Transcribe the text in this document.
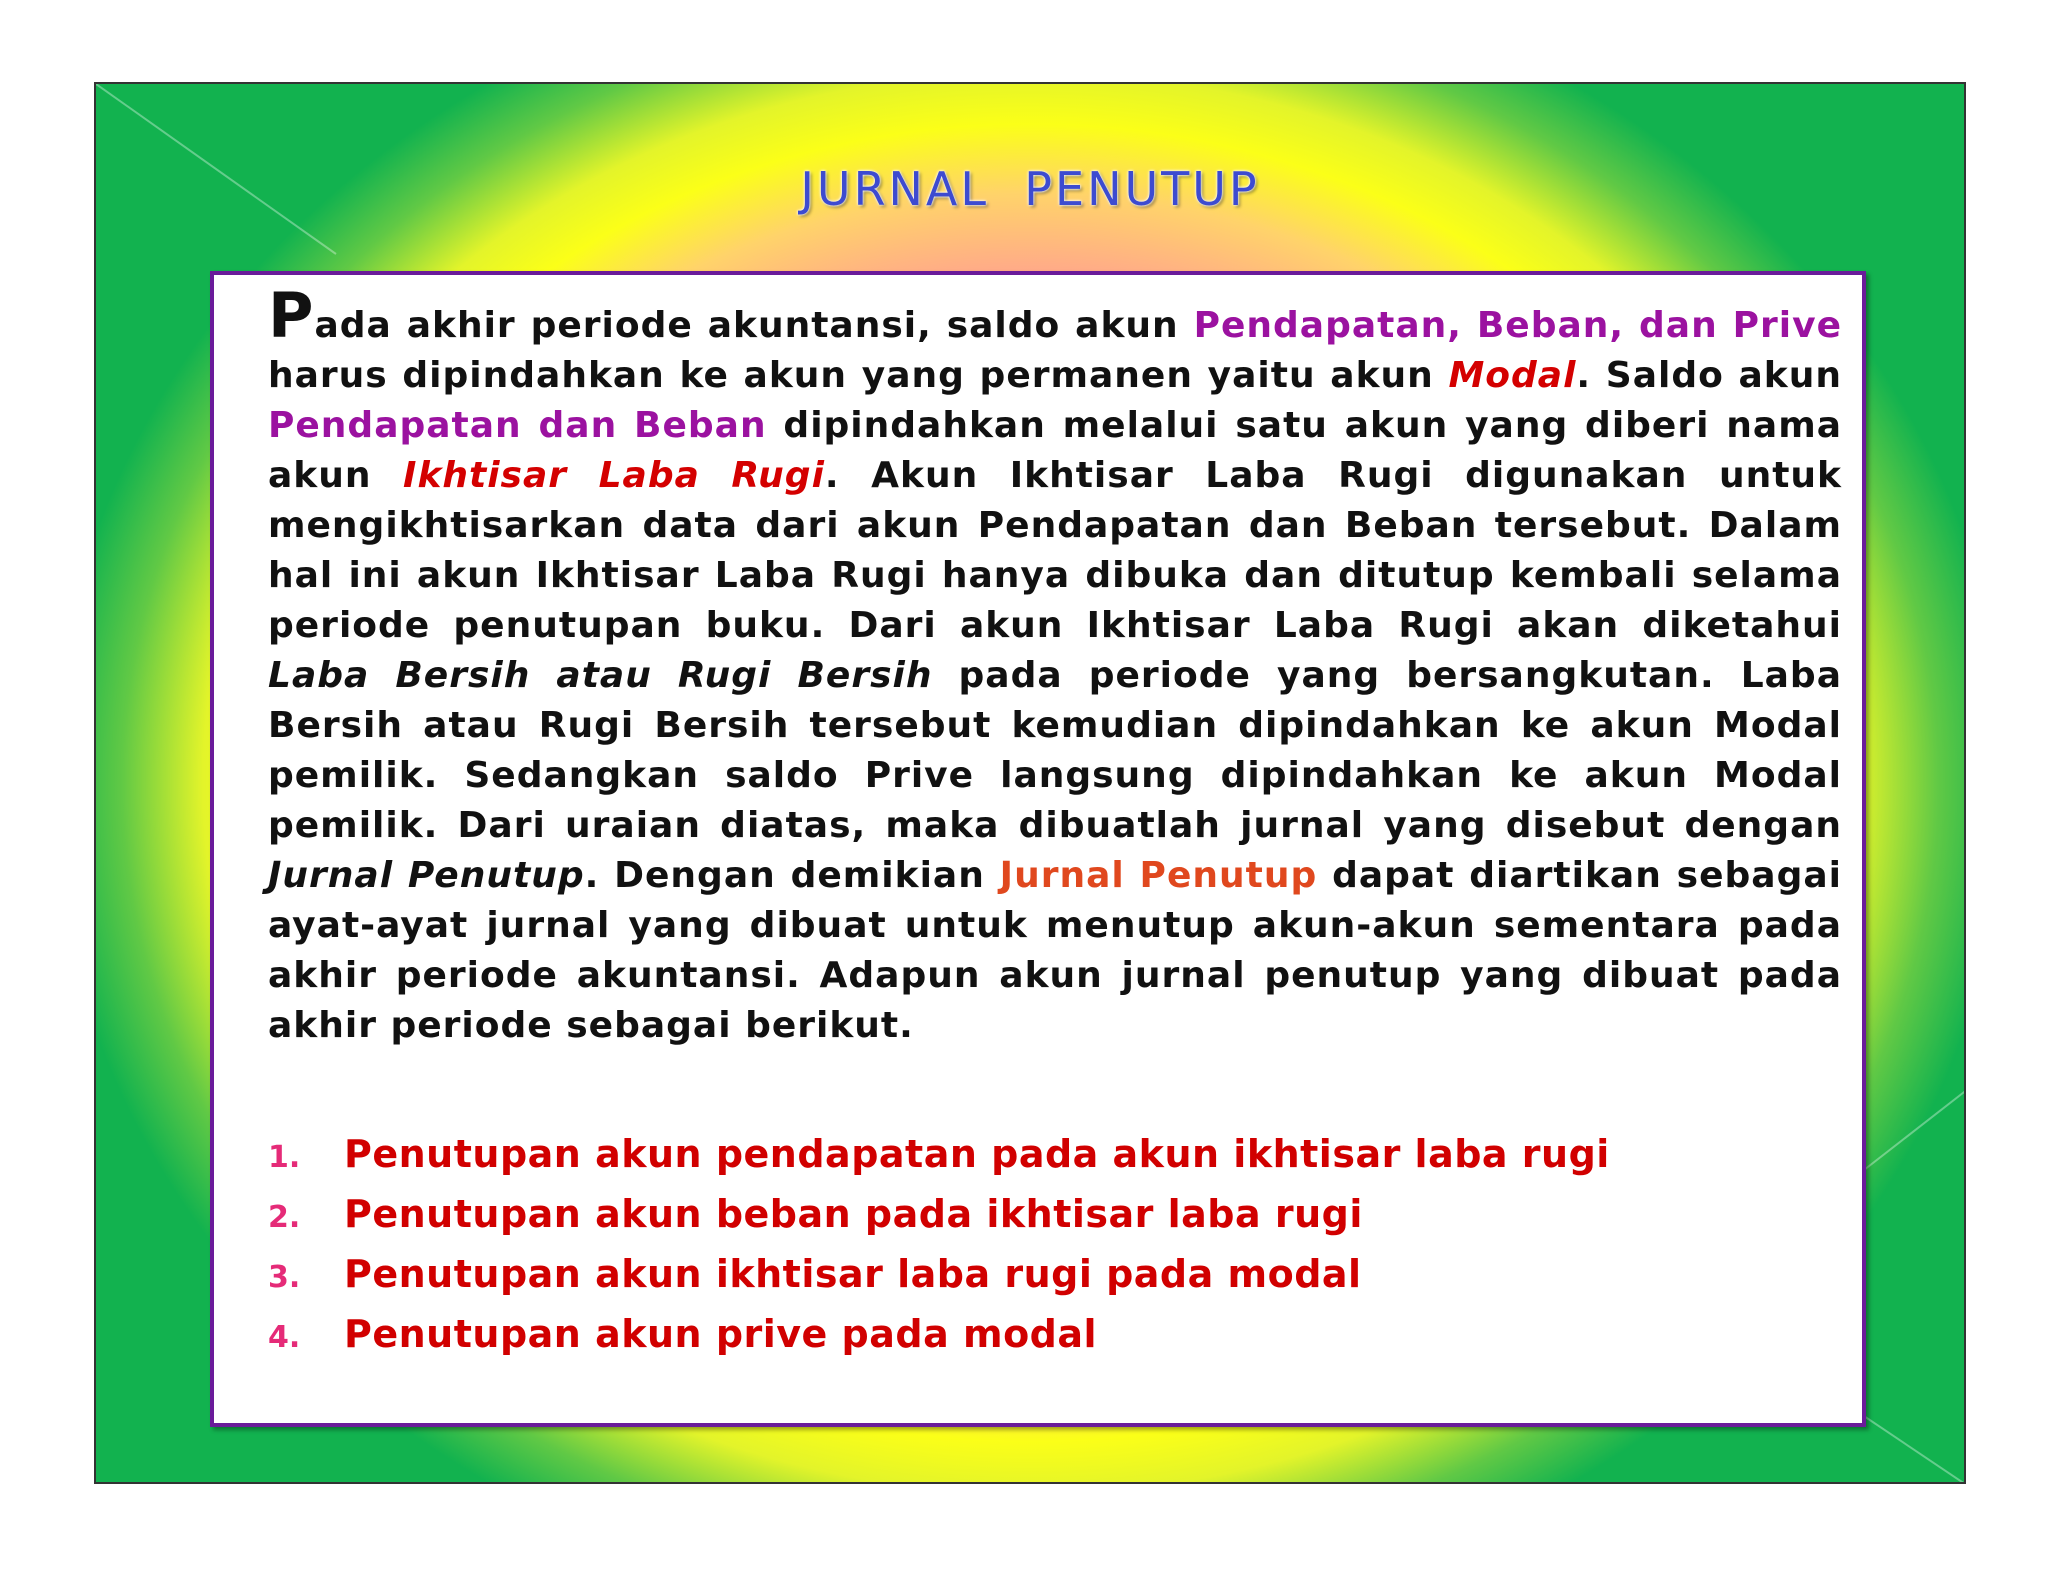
JURNAL  PENUTUP

Pada akhir periode akuntansi, saldo akun Pendapatan, Beban, dan Prive harus dipindahkan ke akun yang permanen yaitu akun Modal. Saldo akun Pendapatan dan Beban dipindahkan melalui satu akun yang diberi nama akun Ikhtisar Laba Rugi. Akun Ikhtisar Laba Rugi digunakan untuk mengikhtisarkan data dari akun Pendapatan dan Beban tersebut. Dalam hal ini akun Ikhtisar Laba Rugi hanya dibuka dan ditutup kembali selama periode penutupan buku. Dari akun Ikhtisar Laba Rugi akan diketahui Laba Bersih atau Rugi Bersih pada periode yang bersangkutan. Laba Bersih atau Rugi Bersih tersebut kemudian dipindahkan ke akun Modal pemilik. Sedangkan saldo Prive langsung dipindahkan ke akun Modal pemilik. Dari uraian diatas, maka dibuatlah jurnal yang disebut dengan Jurnal Penutup. Dengan demikian Jurnal Penutup dapat diartikan sebagai ayat-ayat jurnal yang dibuat untuk menutup akun-akun sementara pada akhir periode akuntansi. Adapun akun jurnal penutup yang dibuat pada akhir periode sebagai berikut.

1.	Penutupan akun pendapatan pada akun ikhtisar laba rugi
2.	Penutupan akun beban pada ikhtisar laba rugi
3.	Penutupan akun ikhtisar laba rugi pada modal
4.	Penutupan akun prive pada modal
